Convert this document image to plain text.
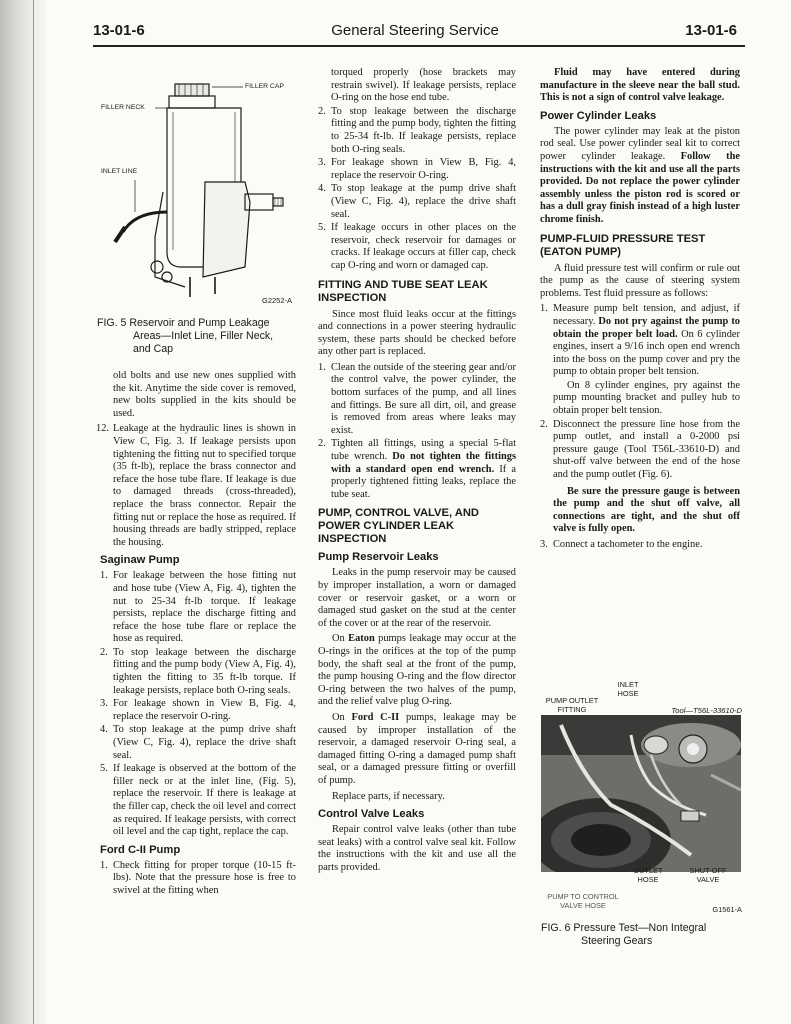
13-01-6	General Steering Service	13-01-6
FILLER CAP
FILLER NECK
INLET LINE
G2252-A
FIG. 5 Reservoir and Pump Leakage
Areas—Inlet Line, Filler Neck,
and Cap

old bolts and use new ones supplied with the kit. Anytime the side cover is removed, new bolts supplied in the kits should be used.

12. Leakage at the hydraulic lines is shown in View C, Fig. 3. If leakage persists upon tightening the fitting nut to specified torque (35 ft-lb), replace the brass connector and reface the hose tube flare. If leakage is due to damaged threads (cross-threaded), replace the brass connector. Repair the fitting nut or replace the hose as required. If housing threads are badly stripped, replace the housing.
Saginaw Pump
1. For leakage between the hose fitting nut and hose tube (View A, Fig. 4), tighten the nut to 25-34 ft-lb torque. If leakage persists, replace the discharge fitting and reface the hose tube flare or replace the hose as required.
2. To stop leakage between the discharge fitting and the pump body (View A, Fig. 4), tighten the fitting to 35 ft-lb torque. If leakage persists, replace both O-ring seals.
3. For leakage shown in View B, Fig. 4, replace the reservoir O-ring.
4. To stop leakage at the pump drive shaft (View C, Fig. 4), replace the drive shaft seal.
5. If leakage is observed at the bottom of the filler neck or at the inlet line, (Fig. 5), replace the reservoir. If there is leakage at the filler cap, check the oil level and correct as required. If leakage persists, with correct oil level and the cap tight, replace the cap.
Ford C-II Pump
1. Check fitting for proper torque (10-15 ft-lbs). Note that the pressure hose is free to swivel at the fitting when
torqued properly (hose brackets may restrain swivel). If leakage persists, replace O-ring on the hose end tube.
2. To stop leakage between the discharge fitting and the pump body, tighten the fitting to 25-34 ft-lb. If leakage persists, replace both O-ring seals.
3. For leakage shown in View B, Fig. 4, replace the reservoir O-ring.
4. To stop leakage at the pump drive shaft (View C, Fig. 4), replace the drive shaft seal.
5. If leakage occurs in other places on the reservoir, check reservoir for damages or cracks. If leakage occurs at filler cap, check cap O-ring and worn or damaged cap.
FITTING AND TUBE SEAT LEAK INSPECTION

Since most fluid leaks occur at the fittings and connections in a power steering hydraulic system, these parts should be checked before any other part is replaced.

1. Clean the outside of the steering gear and/or the control valve, the power cylinder, the bottom surfaces of the pump, and all lines and fittings. Be sure all dirt, oil, and grease is removed from areas where leaks may exist.
2. Tighten all fittings, using a special 5-flat tube wrench. Do not tighten the fittings with a standard open end wrench. If a properly tightened fitting leaks, replace the tube seat.
PUMP, CONTROL VALVE, AND POWER CYLINDER LEAK INSPECTION
Pump Reservoir Leaks

Leaks in the pump reservoir may be caused by improper installation, a worn or damaged cover or reservoir gasket, or a worn or damaged stud gasket on the stud at the center of the cover or at the rear of the reservoir.

On Eaton pumps leakage may occur at the O-rings in the orifices at the top of the pump body, the shaft seal at the front of the pump, the pump housing O-ring and the flow director O-ring between the two halves of the pump, and the relief valve plug O-ring.

On Ford C-II pumps, leakage may be caused by improper installation of the reservoir, a damaged reservoir O-ring seal, a damaged fitting O-ring a damaged pump shaft seal, or a damaged pressure fitting or overfill of pump.

Replace parts, if necessary.

Control Valve Leaks

Repair control valve leaks (other than tube seat leaks) with a control valve seal kit. Follow the instructions with the kit and use all the parts provided.

Fluid may have entered during manufacture in the sleeve near the ball stud. This is not a sign of control valve leakage.

Power Cylinder Leaks

The power cylinder may leak at the piston rod seal. Use power cylinder seal kit to correct power cylinder leakage. Follow the instructions with the kit and use all the parts provided. Do not replace the power cylinder assembly unless the piston rod is scored or has a dull gray finish instead of a high luster chrome finish.

PUMP-FLUID PRESSURE TEST (EATON PUMP)

A fluid pressure test will confirm or rule out the pump as the cause of steering system problems. Test fluid pressure as follows:

1. Measure pump belt tension, and adjust, if necessary. Do not pry against the pump to obtain the proper belt load. On 6 cylinder engines, insert a 9/16 inch open end wrench into the boss on the pump cover and pry the pump to obtain proper belt tension.
On 8 cylinder engines, pry against the pump mounting bracket and pulley hub to obtain proper belt tension.
2. Disconnect the pressure line hose from the pump outlet, and install a 0-2000 psi pressure gauge (Tool T56L-33610-D) and shut-off valve between the end of the hose and the pump outlet (Fig. 6).

Be sure the pressure gauge is between the pump and the shut off valve, all connections are tight, and the shut off valve is fully open.

3. Connect a tachometer to the engine.
INLET HOSE
PUMP OUTLET FITTING	Tool—T56L-33610-D
OUTLET HOSE
SHUT-OFF VALVE
PUMP TO CONTROL VALVE HOSE	G1561-A
FIG. 6 Pressure Test—Non Integral
Steering Gears
